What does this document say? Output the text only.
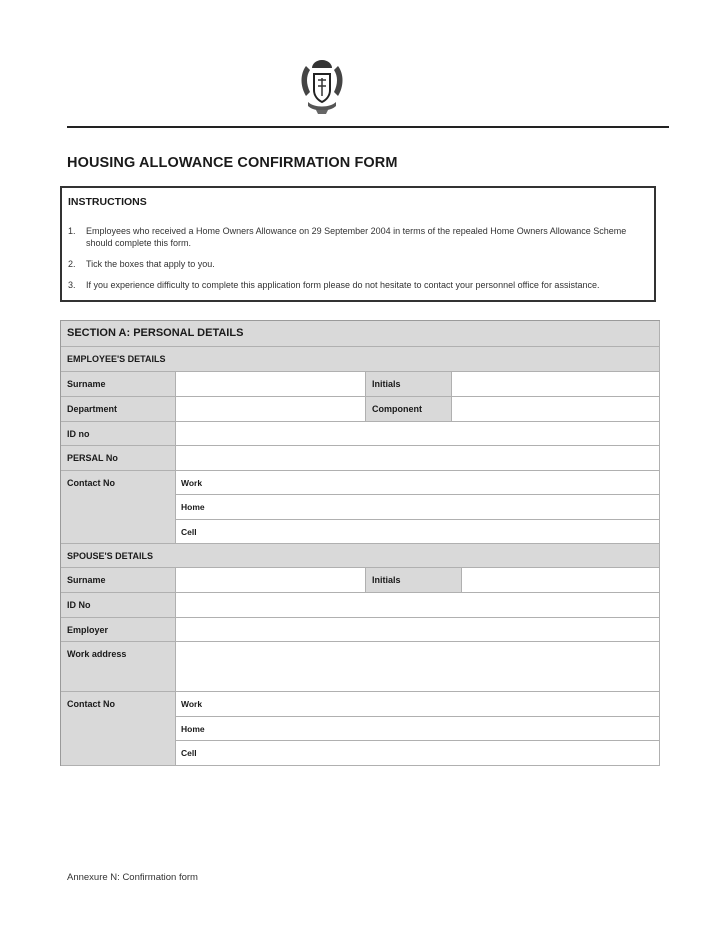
HOUSING ALLOWANCE CONFIRMATION FORM
INSTRUCTIONS
1. Employees who received a Home Owners Allowance on 29 September 2004 in terms of the repealed Home Owners Allowance Scheme should complete this form.
2. Tick the boxes that apply to you.
3. If you experience difficulty to complete this application form please do not hesitate to contact your personnel office for assistance.
SECTION A: PERSONAL DETAILS
EMPLOYEE'S DETAILS
Surname	Initials
Department	Component
ID no
PERSAL No
Contact No	Work
Home
Cell
SPOUSE'S DETAILS
Surname	Initials
ID No
Employer
Work address
Contact No	Work
Home
Cell
Annexure N: Confirmation form
